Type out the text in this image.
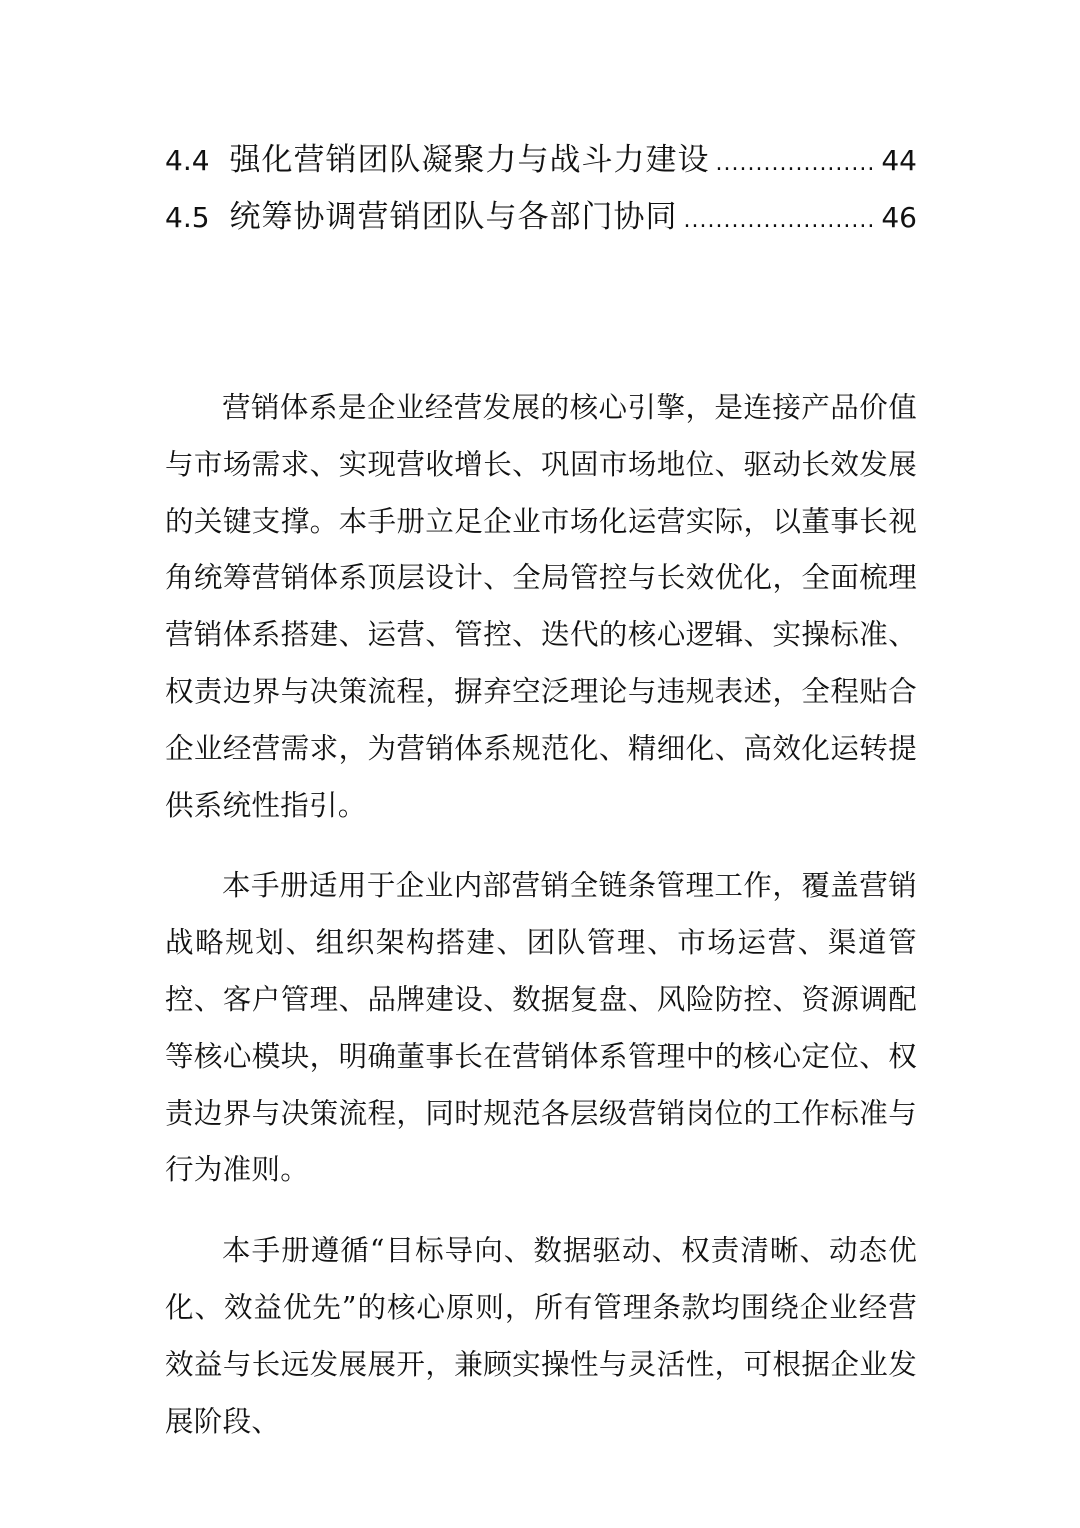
4.4 强化营销团队凝聚力与战斗力建设 .....	44
4.5 统筹协调营销团队与各部门协同 .....	46

营销体系是企业经营发展的核心引擎，是连接产品价值与市场需求、实现营收增长、巩固市场地位、驱动长效发展的关键支撑。本手册立足企业市场化运营实际，以董事长视角统筹营销体系顶层设计、全局管控与长效优化，全面梳理营销体系搭建、运营、管控、迭代的核心逻辑、实操标准、权责边界与决策流程，摒弃空泛理论与违规表述，全程贴合企业经营需求，为营销体系规范化、精细化、高效化运转提供系统性指引。

本手册适用于企业内部营销全链条管理工作，覆盖营销战略规划、组织架构搭建、团队管理、市场运营、渠道管控、客户管理、品牌建设、数据复盘、风险防控、资源调配等核心模块，明确董事长在营销体系管理中的核心定位、权责边界与决策流程，同时规范各层级营销岗位的工作标准与行为准则。

本手册遵循“目标导向、数据驱动、权责清晰、动态优化、效益优先”的核心原则，所有管理条款均围绕企业经营效益与长远发展展开，兼顾实操性与灵活性，可根据企业发展阶段、
